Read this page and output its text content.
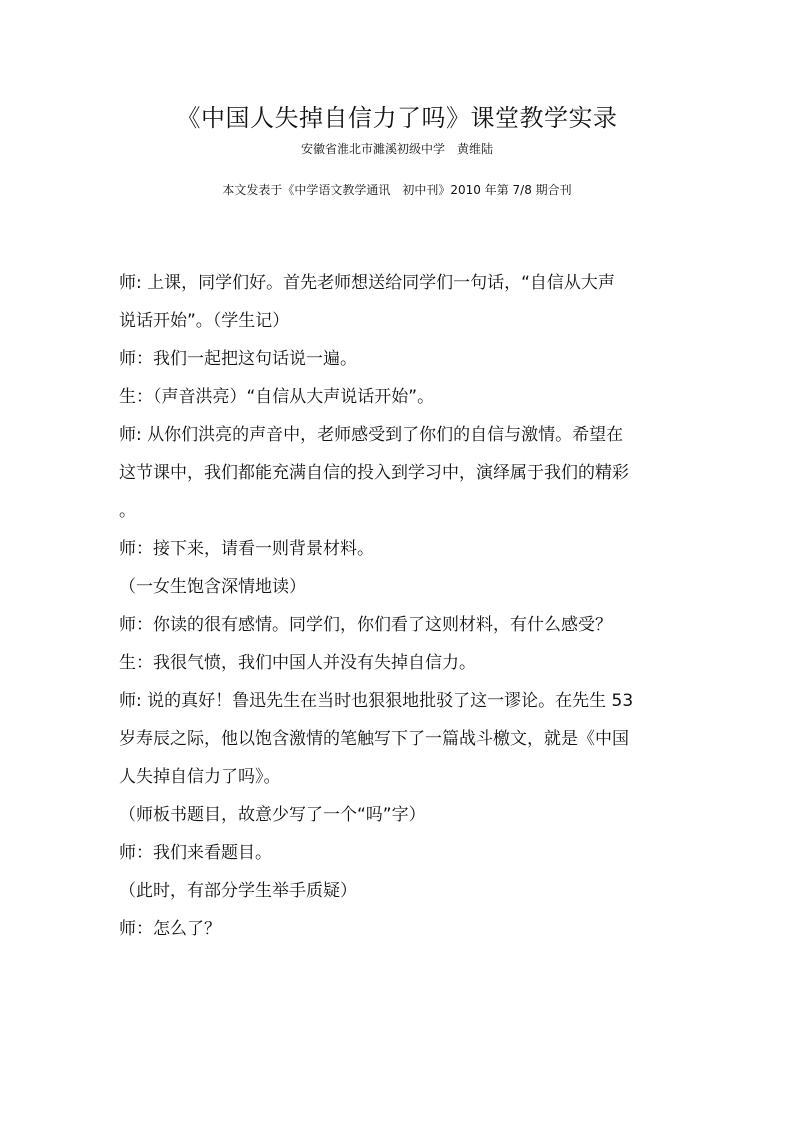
《中国人失掉自信力了吗》课堂教学实录
安徽省淮北市濉溪初级中学　黄维陆
本文发表于《中学语文教学通讯　初中刊》2010 年第 7/8 期合刊
师: 上课，同学们好。首先老师想送给同学们一句话，“自信从大声
说话开始”。（学生记）
师：我们一起把这句话说一遍。
生：（声音洪亮）“自信从大声说话开始”。
师: 从你们洪亮的声音中，老师感受到了你们的自信与激情。希望在
这节课中，我们都能充满自信的投入到学习中，演绎属于我们的精彩
。
师：接下来，请看一则背景材料。
（一女生饱含深情地读）
师：你读的很有感情。同学们，你们看了这则材料，有什么感受？
生：我很气愤，我们中国人并没有失掉自信力。
师: 说的真好！鲁迅先生在当时也狠狠地批驳了这一谬论。在先生 53
岁寿辰之际，他以饱含激情的笔触写下了一篇战斗檄文，就是《中国
人失掉自信力了吗》。
（师板书题目，故意少写了一个“吗”字）
师：我们来看题目。
（此时，有部分学生举手质疑）
师：怎么了？
